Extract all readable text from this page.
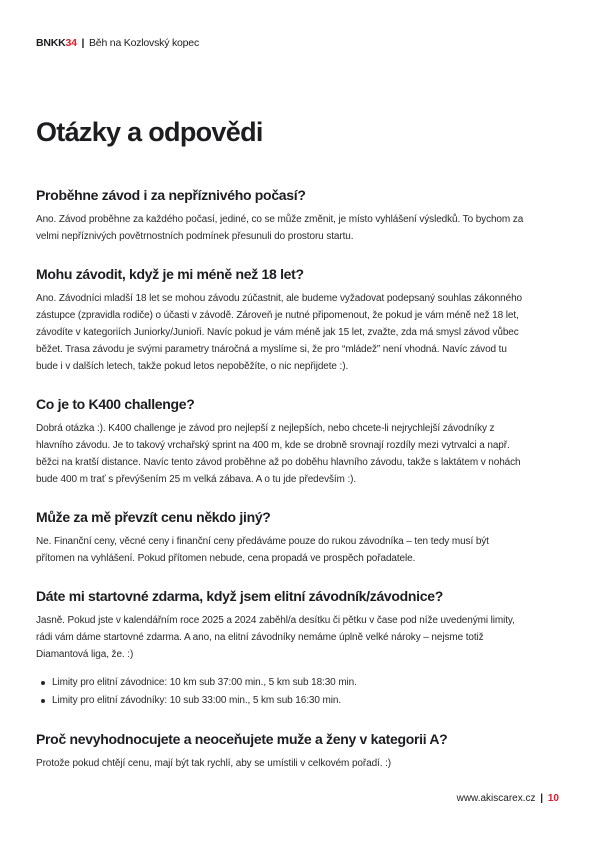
BNKK34 | Běh na Kozlovský kopec
Otázky a odpovědi
Proběhne závod i za nepříznivého počasí?

Ano. Závod proběhne za každého počasí, jediné, co se může změnit, je místo vyhlášení výsledků. To bychom za velmi nepříznivých povětrnostních podmínek přesunuli do prostoru startu.

Mohu závodit, když je mi méně než 18 let?

Ano. Závodníci mladší 18 let se mohou závodu zúčastnit, ale budeme vyžadovat podepsaný souhlas zákonného zástupce (zpravidla rodiče) o účasti v závodě. Zároveň je nutné připomenout, že pokud je vám méně než 18 let, závodíte v kategoriích Juniorky/Junioři. Navíc pokud je vám méně jak 15 let, zvažte, zda má smysl závod vůbec běžet. Trasa závodu je svými parametry tnáročná a myslíme si, že pro “mládež” není vhodná. Navíc závod tu bude i v dalších letech, takže pokud letos nepoběžíte, o nic nepřijdete :).

Co je to K400 challenge?

Dobrá otázka :). K400 challenge je závod pro nejlepší z nejlepších, nebo chcete-li nejrychlejší závodníky z hlavního závodu. Je to takový vrchařský sprint na 400 m, kde se drobně srovnají rozdíly mezi vytrvalci a např. běžci na kratší distance. Navíc tento závod proběhne až po doběhu hlavního závodu, takže s laktátem v nohách bude 400 m trať s převýšením 25 m velká zábava. A o tu jde především :).

Může za mě převzít cenu někdo jiný?

Ne. Finanční ceny, věcné ceny i finanční ceny předáváme pouze do rukou závodníka – ten tedy musí být přítomen na vyhlášení. Pokud přítomen nebude, cena propadá ve prospěch pořadatele.

Dáte mi startovné zdarma, když jsem elitní závodník/závodnice?

Jasně. Pokud jste v kalendářním roce 2025 a 2024 zaběhl/a desítku či pětku v čase pod níže uvedenými limity, rádi vám dáme startovné zdarma. A ano, na elitní závodníky nemáme úplně velké nároky – nejsme totiž Diamantová liga, že. :)

Limity pro elitní závodnice: 10 km sub 37:00 min., 5 km sub 18:30 min.
Limity pro elitní závodníky: 10 sub 33:00 min., 5 km sub 16:30 min.
Proč nevyhodnocujete a neoceňujete muže a ženy v kategorii A?

Protože pokud chtějí cenu, mají být tak rychlí, aby se umístili v celkovém pořadí. :)

www.akiscarex.cz | 10
